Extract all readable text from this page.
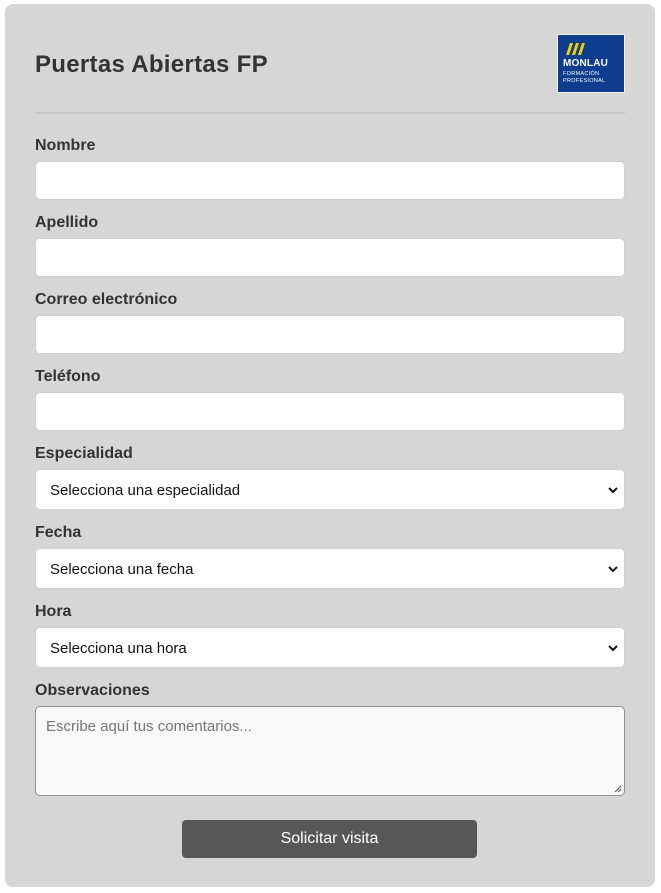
Puertas Abiertas FP	MONLAU
FORMACIÓN
PROFESIONAL
Nombre
Apellido
Correo electrónico
Teléfono
Especialidad
Selecciona una especialidad
Fecha
Selecciona una fecha
Hora
Selecciona una hora
Observaciones
Escribe aquí tus comentarios...
Solicitar visita
